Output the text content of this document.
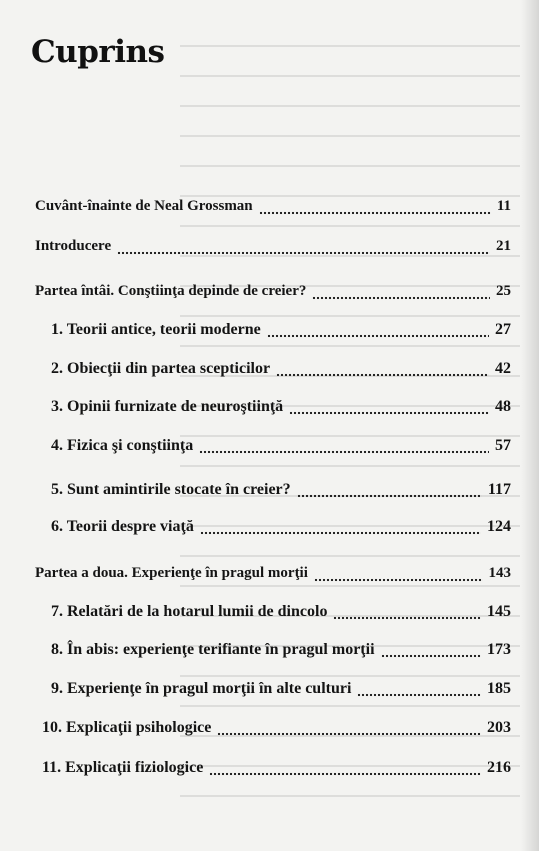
Cuprins
Cuvânt-înainte de Neal Grossman	11
Introducere	21
Partea întâi. Conştiinţa depinde de creier?	25
1. Teorii antice, teorii moderne	27
2. Obiecţii din partea scepticilor	42
3. Opinii furnizate de neuroştiinţă	48
4. Fizica şi conştiinţa	57
5. Sunt amintirile stocate în creier?	117
6. Teorii despre viaţă	124
Partea a doua. Experienţe în pragul morţii	143
7. Relatări de la hotarul lumii de dincolo	145
8. În abis: experienţe terifiante în pragul morţii	173
9. Experienţe în pragul morţii în alte culturi	185
10. Explicaţii psihologice	203
11. Explicaţii fiziologice	216
